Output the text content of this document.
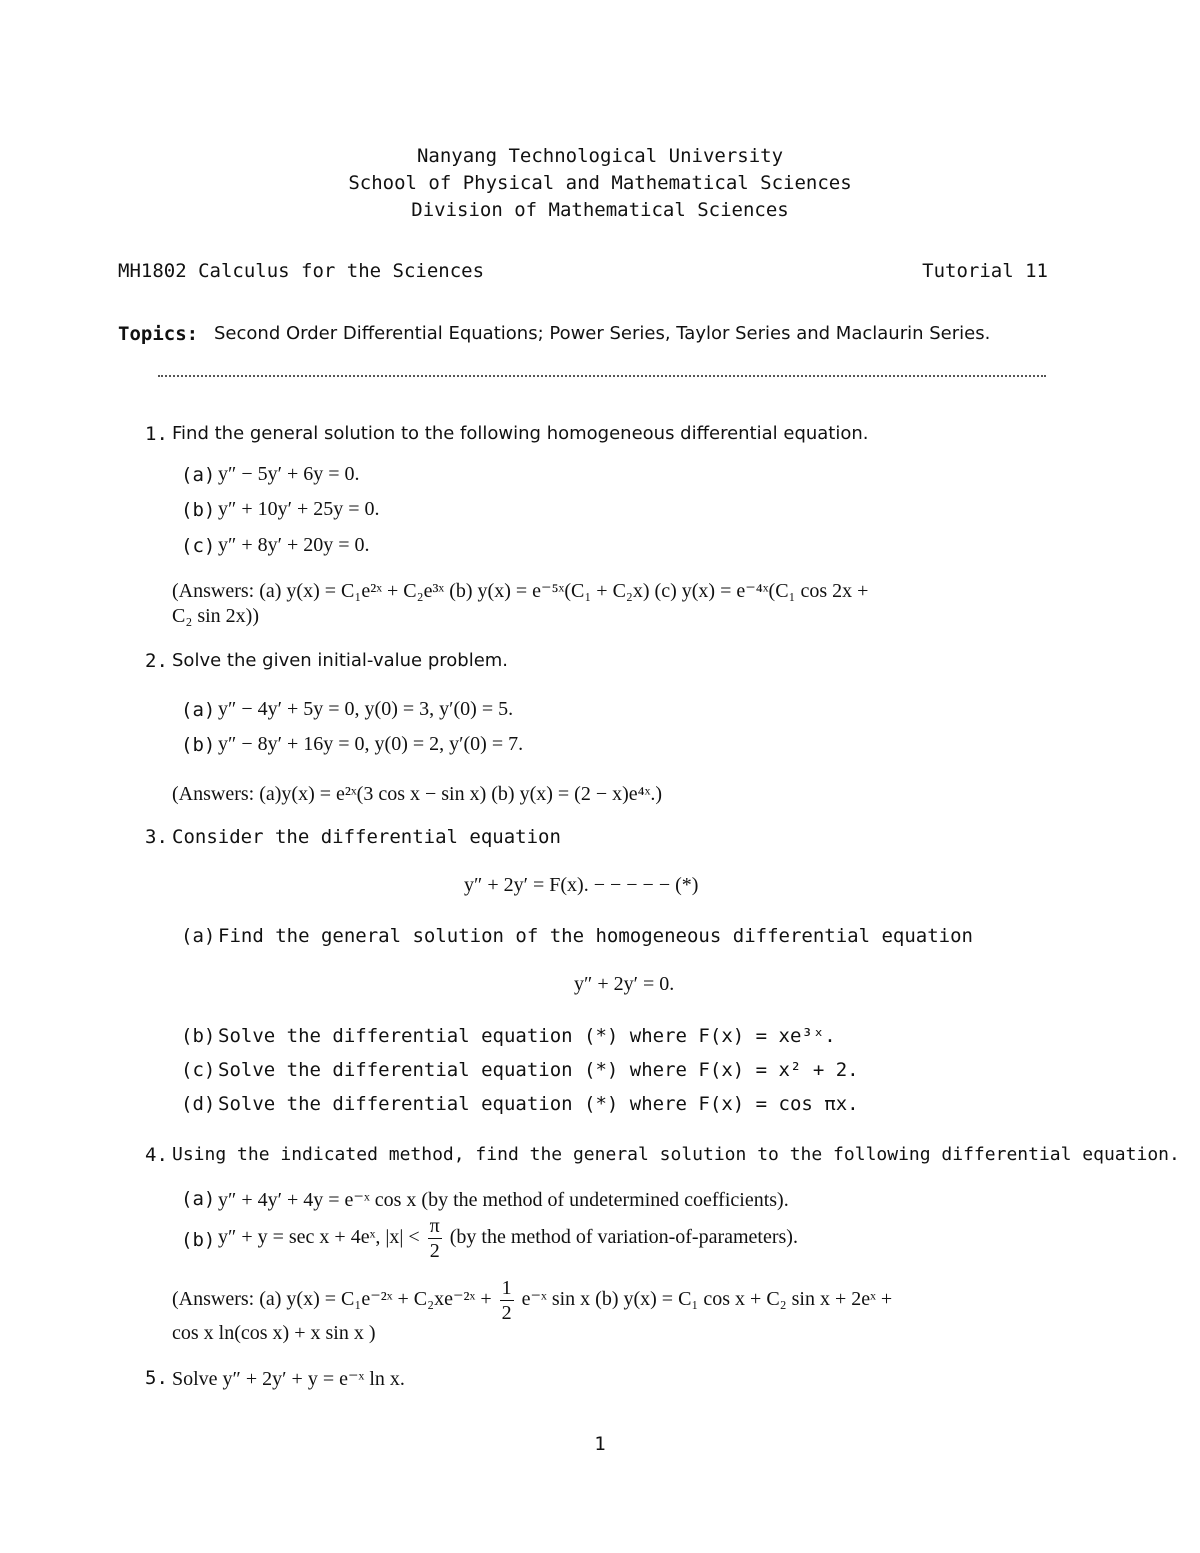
Nanyang Technological University
School of Physical and Mathematical Sciences
Division of Mathematical Sciences
MH1802 Calculus for the Sciences	Tutorial 11
Topics: Second Order Differential Equations; Power Series, Taylor Series and Maclaurin Series.
1. Find the general solution to the following homogeneous differential equation.
(a) y″ − 5y′ + 6y = 0.
(b) y″ + 10y′ + 25y = 0.
(c) y″ + 8y′ + 20y = 0.
(Answers: (a) y(x) = C₁e²ˣ + C₂e³ˣ (b) y(x) = e⁻⁵ˣ(C₁ + C₂x) (c) y(x) = e⁻⁴ˣ(C₁ cos 2x +
C₂ sin 2x))
2. Solve the given initial-value problem.
(a) y″ − 4y′ + 5y = 0, y(0) = 3, y′(0) = 5.
(b) y″ − 8y′ + 16y = 0, y(0) = 2, y′(0) = 7.
(Answers: (a)y(x) = e²ˣ(3 cos x − sin x) (b) y(x) = (2 − x)e⁴ˣ.)
3. Consider the differential equation
y″ + 2y′ = F(x). − − − − − (*)
(a) Find the general solution of the homogeneous differential equation
y″ + 2y′ = 0.
(b) Solve the differential equation (*) where F(x) = xe³ˣ.
(c) Solve the differential equation (*) where F(x) = x² + 2.
(d) Solve the differential equation (*) where F(x) = cos πx.
4. Using the indicated method, find the general solution to the following differential equation.
(a) y″ + 4y′ + 4y = e⁻ˣ cos x (by the method of undetermined coefficients).
(b) y″ + y = sec x + 4eˣ, $|x| < \frac{\pi}{2} (by$ the method of variation-of-parameters).
(Answers: (a) y(x) = C₁e⁻²ˣ + C₂xe⁻²ˣ + $\frac{1}{2}$ e⁻ˣ sin x (b) y(x) = C₁ cos x + C₂ sin x + 2eˣ +
cos x ln(cos x) + x sin x )
5. Solve y″ + 2y′ + y = e⁻ˣ ln x.
1
